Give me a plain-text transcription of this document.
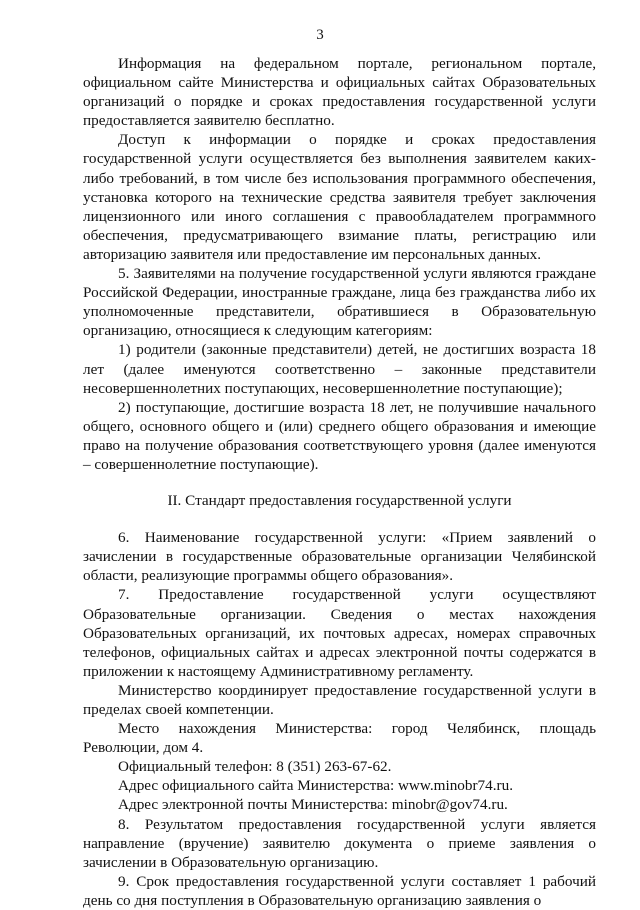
3

Информация на федеральном портале, региональном портале, официальном сайте Министерства и официальных сайтах Образовательных организаций о порядке и сроках предоставления государственной услуги предоставляется заявителю бесплатно.

Доступ к информации о порядке и сроках предоставления государственной услуги осуществляется без выполнения заявителем каких-либо требований, в том числе без использования программного обеспечения, установка которого на технические средства заявителя требует заключения лицензионного или иного соглашения с правообладателем программного обеспечения, предусматривающего взимание платы, регистрацию или авторизацию заявителя или предоставление им персональных данных.

5. Заявителями на получение государственной услуги являются граждане Российской Федерации, иностранные граждане, лица без гражданства либо их уполномоченные представители, обратившиеся в Образовательную организацию, относящиеся к следующим категориям:

1) родители (законные представители) детей, не достигших возраста 18 лет (далее именуются соответственно – законные представители несовершеннолетних поступающих, несовершеннолетние поступающие);

2) поступающие, достигшие возраста 18 лет, не получившие начального общего, основного общего и (или) среднего общего образования и имеющие право на получение образования соответствующего уровня (далее именуются – совершеннолетние поступающие).

II. Стандарт предоставления государственной услуги

6. Наименование государственной услуги: «Прием заявлений о зачислении в государственные образовательные организации Челябинской области, реализующие программы общего образования».

7. Предоставление государственной услуги осуществляют Образовательные организации. Сведения о местах нахождения Образовательных организаций, их почтовых адресах, номерах справочных телефонов, официальных сайтах и адресах электронной почты содержатся в приложении к настоящему Административному регламенту.

Министерство координирует предоставление государственной услуги в пределах своей компетенции.

Место нахождения Министерства: город Челябинск, площадь Революции, дом 4.

Официальный телефон: 8 (351) 263-67-62.

Адрес официального сайта Министерства: www.minobr74.ru.

Адрес электронной почты Министерства: minobr@gov74.ru.

8. Результатом предоставления государственной услуги является направление (вручение) заявителю документа о приеме заявления о зачислении в Образовательную организацию.

9. Срок предоставления государственной услуги составляет 1 рабочий день со дня поступления в Образовательную организацию заявления о
